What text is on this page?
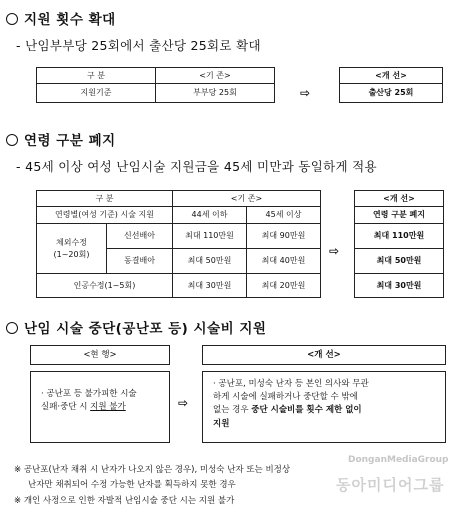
지원 횟수 확대
- 난임부부당 25회에서 출산당 25회로 확대
구 분	<기 존>
지원기준	부부당 25회	⇨
<개 선>
출산당 25회
연령 구분 폐지
- 45세 이상 여성 난임시술 지원금을 45세 미만과 동일하게 적용
구 분		<기 존>	
연령별(여성 기준) 시술 지원		44세 이하	45세 이상

체외수정
(1~20회)	신선배아	최대 110만원	최대 90만원
	동결배아	최대 50만원	최대 40만원
인공수정(1~5회)		최대 30만원	최대 20만원
⇨
<개 선>
연령 구분 폐지
최대 110만원
최대 50만원
최대 30만원
난임 시술 중단(공난포 등) 시술비 지원
<현 행>
· 공난포 등 불가피한 시술
실패·중단 시 지원 불가	⇨
<개 선>
· 공난포, 미성숙 난자 등 본인 의사와 무관
하게 시술에 실패하거나 중단할 수 밖에
없는 경우 중단 시술비를 횟수 제한 없이
지원
※ 공난포(난자 채취 시 난자가 나오지 않은 경우), 미성숙 난자 또는 비정상
난자만 채취되어 수정 가능한 난자를 획득하지 못한 경우
※ 개인 사정으로 인한 자발적 난임시술 중단 시는 지원 불가
DonganMediaGroup
동아미디어그룹
